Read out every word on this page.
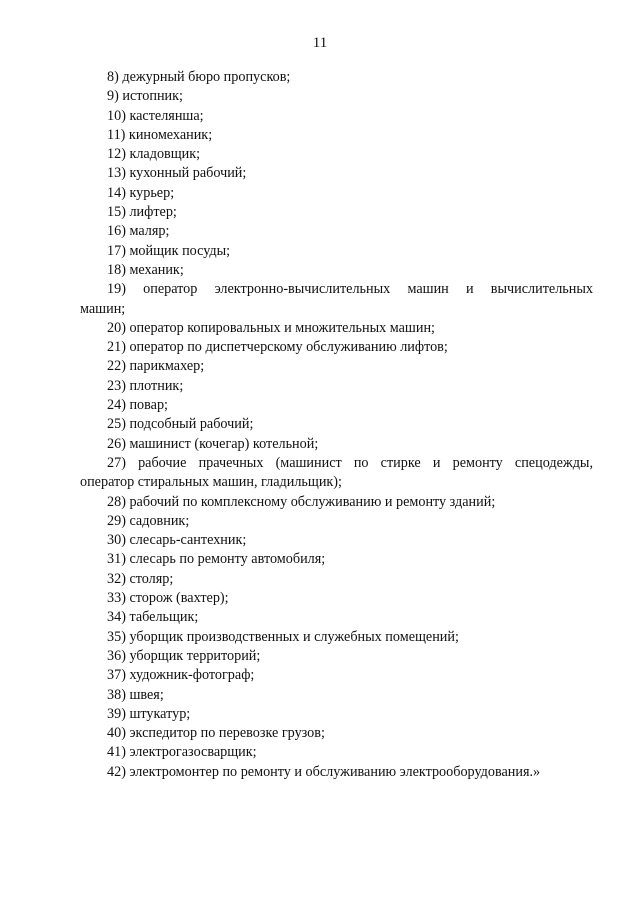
11
8) дежурный бюро пропусков;
9) истопник;
10) кастелянша;
11) киномеханик;
12) кладовщик;
13) кухонный рабочий;
14) курьер;
15) лифтер;
16) маляр;
17) мойщик посуды;
18) механик;
19) оператор электронно-вычислительных машин и вычислительных
машин;
20) оператор копировальных и множительных машин;
21) оператор по диспетчерскому обслуживанию лифтов;
22) парикмахер;
23) плотник;
24) повар;
25) подсобный рабочий;
26) машинист (кочегар) котельной;
27) рабочие прачечных (машинист по стирке и ремонту спецодежды,
оператор стиральных машин, гладильщик);
28) рабочий по комплексному обслуживанию и ремонту зданий;
29) садовник;
30) слесарь-сантехник;
31) слесарь по ремонту автомобиля;
32) столяр;
33) сторож (вахтер);
34) табельщик;
35) уборщик производственных и служебных помещений;
36) уборщик территорий;
37) художник-фотограф;
38) швея;
39) штукатур;
40) экспедитор по перевозке грузов;
41) электрогазосварщик;
42) электромонтер по ремонту и обслуживанию электрооборудования.»
